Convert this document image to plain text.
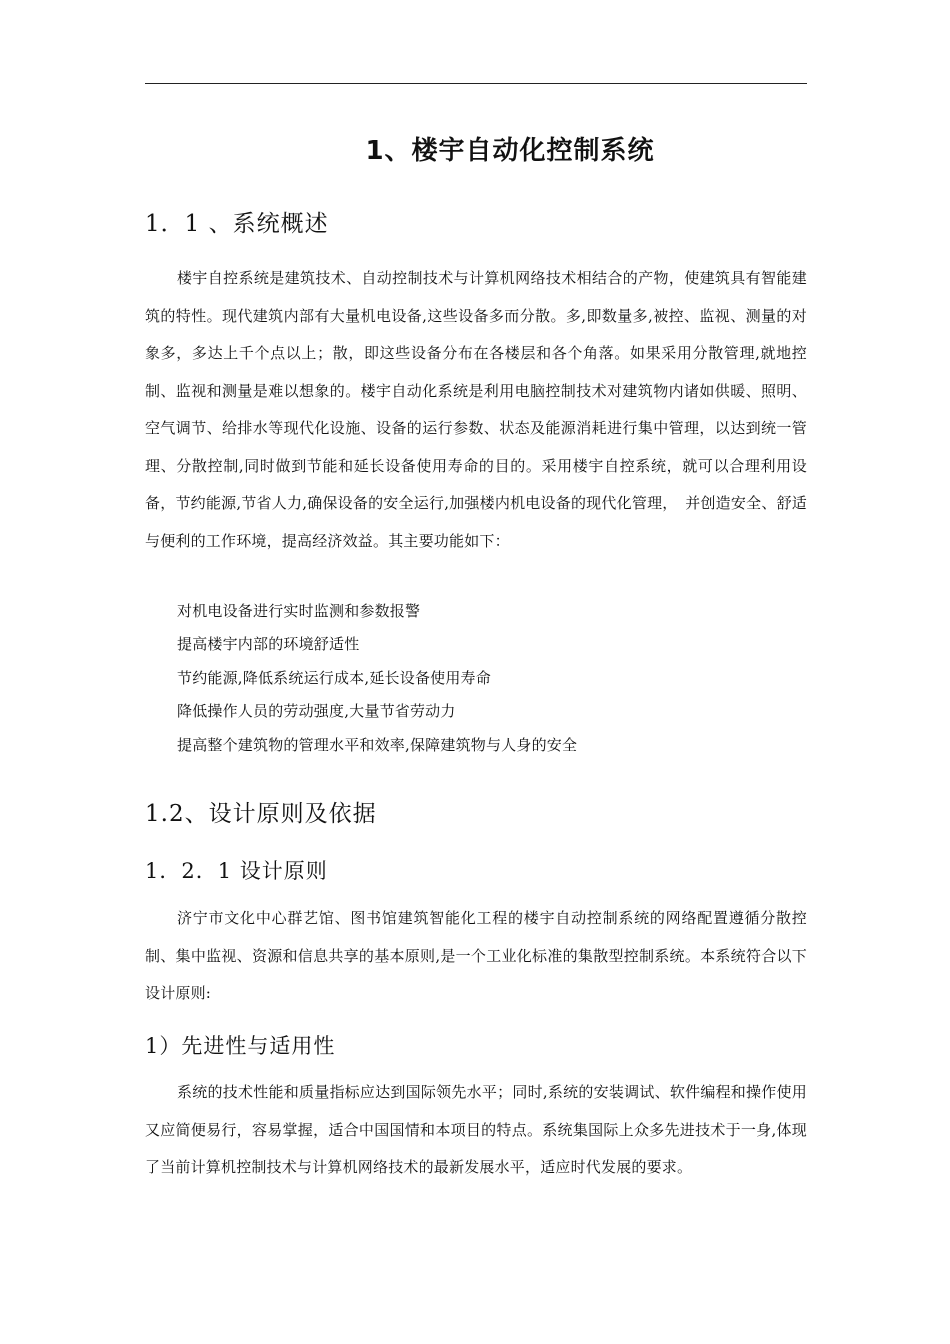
1、楼宇自动化控制系统
1．1 、系统概述

楼宇自控系统是建筑技术、自动控制技术与计算机网络技术相结合的产物，使建筑具有智能建筑的特性。现代建筑内部有大量机电设备,这些设备多而分散。多,即数量多,被控、监视、测量的对象多，多达上千个点以上；散，即这些设备分布在各楼层和各个角落。如果采用分散管理,就地控制、监视和测量是难以想象的。楼宇自动化系统是利用电脑控制技术对建筑物内诸如供暖、照明、空气调节、给排水等现代化设施、设备的运行参数、状态及能源消耗进行集中管理，以达到统一管理、分散控制,同时做到节能和延长设备使用寿命的目的。采用楼宇自控系统，就可以合理利用设备，节约能源,节省人力,确保设备的安全运行,加强楼内机电设备的现代化管理，　并创造安全、舒适与便利的工作环境，提高经济效益。其主要功能如下：

对机电设备进行实时监测和参数报警
提高楼宇内部的环境舒适性
节约能源,降低系统运行成本,延长设备使用寿命
降低操作人员的劳动强度,大量节省劳动力
提高整个建筑物的管理水平和效率,保障建筑物与人身的安全
1.2、设计原则及依据
1．2．1 设计原则

济宁市文化中心群艺馆、图书馆建筑智能化工程的楼宇自动控制系统的网络配置遵循分散控制、集中监视、资源和信息共享的基本原则,是一个工业化标准的集散型控制系统。本系统符合以下设计原则:

1）先进性与适用性

系统的技术性能和质量指标应达到国际领先水平；同时,系统的安装调试、软件编程和操作使用又应简便易行，容易掌握，适合中国国情和本项目的特点。系统集国际上众多先进技术于一身,体现了当前计算机控制技术与计算机网络技术的最新发展水平，适应时代发展的要求。
